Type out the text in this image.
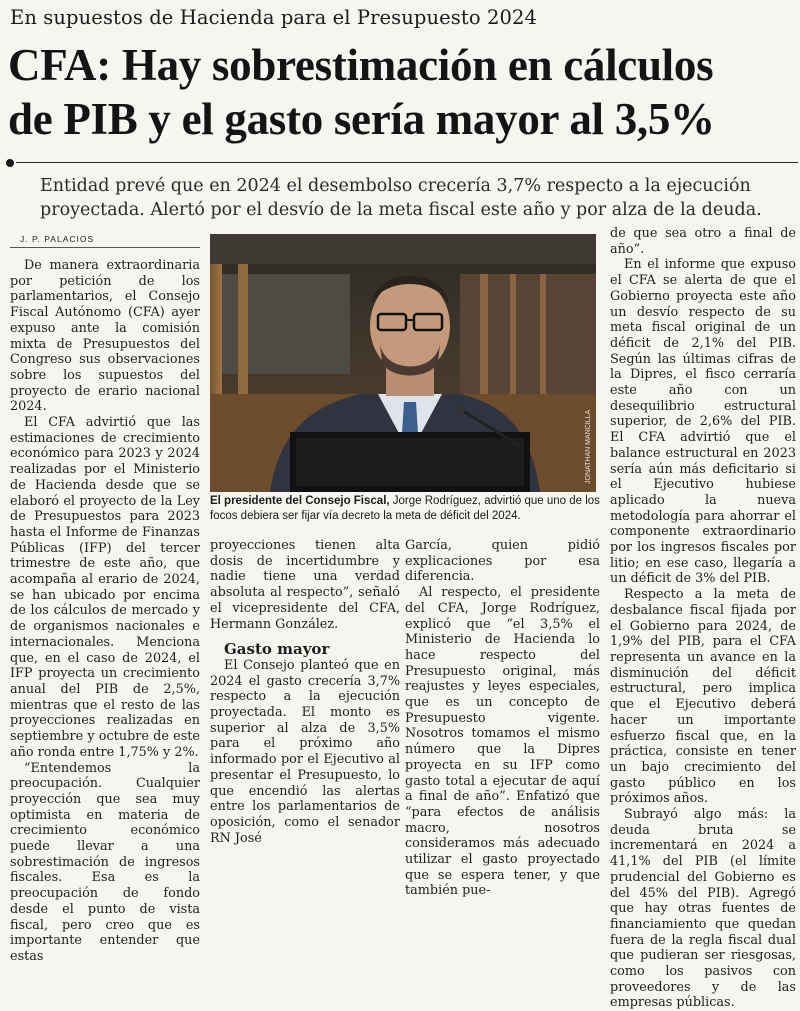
En supuestos de Hacienda para el Presupuesto 2024
CFA: Hay sobrestimación en cálculos
de PIB y el gasto sería mayor al 3,5%
Entidad prevé que en 2024 el desembolso crecería 3,7% respecto a la ejecución proyectada. Alertó por el desvío de la meta fiscal este año y por alza de la deuda.
J. P. PALACIOS

De manera extraordinaria por petición de los parlamentarios, el Consejo Fiscal Autónomo (CFA) ayer expuso ante la comisión mixta de Presupuestos del Congreso sus observaciones sobre los supuestos del proyecto de erario nacional 2024.

El CFA advirtió que las estimaciones de crecimiento económico para 2023 y 2024 realizadas por el Ministerio de Hacienda desde que se elaboró el proyecto de la Ley de Presupuestos para 2023 hasta el Informe de Finanzas Públicas (IFP) del tercer trimestre de este año, que acompaña al erario de 2024, se han ubicado por encima de los cálculos de mercado y de organismos nacionales e internacionales. Menciona que, en el caso de 2024, el IFP proyecta un crecimiento anual del PIB de 2,5%, mientras que el resto de las proyecciones realizadas en septiembre y octubre de este año ronda entre 1,75% y 2%.

“Entendemos la preocupación. Cualquier proyección que sea muy optimista en materia de crecimiento económico puede llevar a una sobrestimación de ingresos fiscales. Esa es la preocupación de fondo desde el punto de vista fiscal, pero creo que es importante entender que estas

JONATHAN MANCILLA
El presidente del Consejo Fiscal, Jorge Rodríguez, advirtió que uno de los focos debiera ser fijar vía decreto la meta de déficit del 2024.

proyecciones tienen alta dosis de incertidumbre y nadie tiene una verdad absoluta al respecto”, señaló el vicepresidente del CFA, Hermann González.

Gasto mayor

El Consejo planteó que en 2024 el gasto crecería 3,7% respecto a la ejecución proyectada. El monto es superior al alza de 3,5% para el próximo año informado por el Ejecutivo al presentar el Presupuesto, lo que encendió las alertas entre los parlamentarios de oposición, como el senador RN José

García, quien pidió explicaciones por esa diferencia.

Al respecto, el presidente del CFA, Jorge Rodríguez, explicó que “el 3,5% el Ministerio de Hacienda lo hace respecto del Presupuesto original, más reajustes y leyes especiales, que es un concepto de Presupuesto vigente. Nosotros tomamos el mismo número que la Dipres proyecta en su IFP como gasto total a ejecutar de aquí a final de año”. Enfatizó que “para efectos de análisis macro, nosotros consideramos más adecuado utilizar el gasto proyectado que se espera tener, y que también pue-

de que sea otro a final de año”.

En el informe que expuso el CFA se alerta de que el Gobierno proyecta este año un desvío respecto de su meta fiscal original de un déficit de 2,1% del PIB. Según las últimas cifras de la Dipres, el fisco cerraría este año con un desequilibrio estructural superior, de 2,6% del PIB. El CFA advirtió que el balance estructural en 2023 sería aún más deficitario si el Ejecutivo hubiese aplicado la nueva metodología para ahorrar el componente extraordinario por los ingresos fiscales por litio; en ese caso, llegaría a un déficit de 3% del PIB.

Respecto a la meta de desbalance fiscal fijada por el Gobierno para 2024, de 1,9% del PIB, para el CFA representa un avance en la disminución del déficit estructural, pero implica que el Ejecutivo deberá hacer un importante esfuerzo fiscal que, en la práctica, consiste en tener un bajo crecimiento del gasto público en los próximos años.

Subrayó algo más: la deuda bruta se incrementará en 2024 a 41,1% del PIB (el límite prudencial del Gobierno es del 45% del PIB). Agregó que hay otras fuentes de financiamiento que quedan fuera de la regla fiscal dual que pudieran ser riesgosas, como los pasivos con proveedores y de las empresas públicas.
